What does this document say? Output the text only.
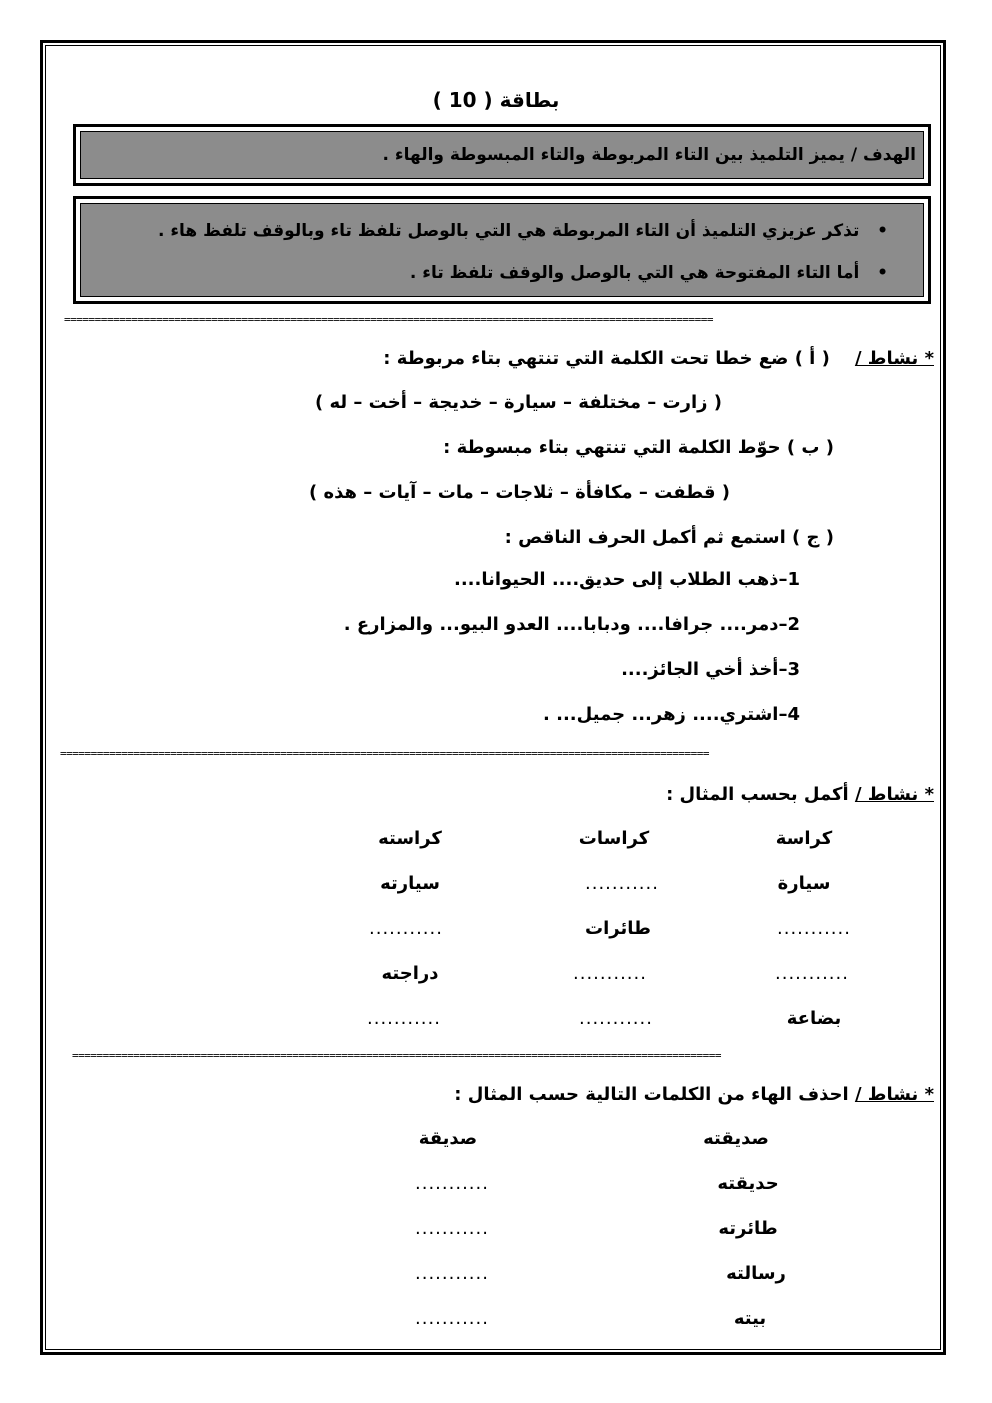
بطاقة ( 10 )
الهدف / يميز التلميذ بين التاء المربوطة والتاء المبسوطة والهاء .
•   تذكر عزيزي التلميذ أن التاء المربوطة هي التي بالوصل تلفظ تاء وبالوقف تلفظ هاء .
•   أما التاء المفتوحة هي التي بالوصل والوقف تلفظ تاء .
==========================================================================================================
* نشاط /    ( أ ) ضع خطا تحت الكلمة التي تنتهي بتاء مربوطة :
( زارت – مختلفة – سيارة – خديجة – أخت – له )
( ب ) حوّط الكلمة التي تنتهي بتاء مبسوطة :
( قطفت – مكافأة – ثلاجات – مات – آيات – هذه )
( ج ) استمع ثم أكمل الحرف الناقص :
1–ذهب الطلاب إلى حديق.... الحيوانا....
2–دمر.... جرافا.... ودبابا.... العدو البيو... والمزارع .
3–أخذ أخي الجائز....
4–اشتري.... زهر... جميل... .
==========================================================================================================
* نشاط / أكمل بحسب المثال :
كراسة
كراسات
كراسته
سيارة
...........
سيارته
...........
طائرات
...........
...........
...........
دراجته
بضاعة
...........
...........
==========================================================================================================
* نشاط / احذف الهاء من الكلمات التالية حسب المثال :
صديقته
صديقة
حديقته
...........
طائرته
...........
رسالته
...........
بيته
...........
